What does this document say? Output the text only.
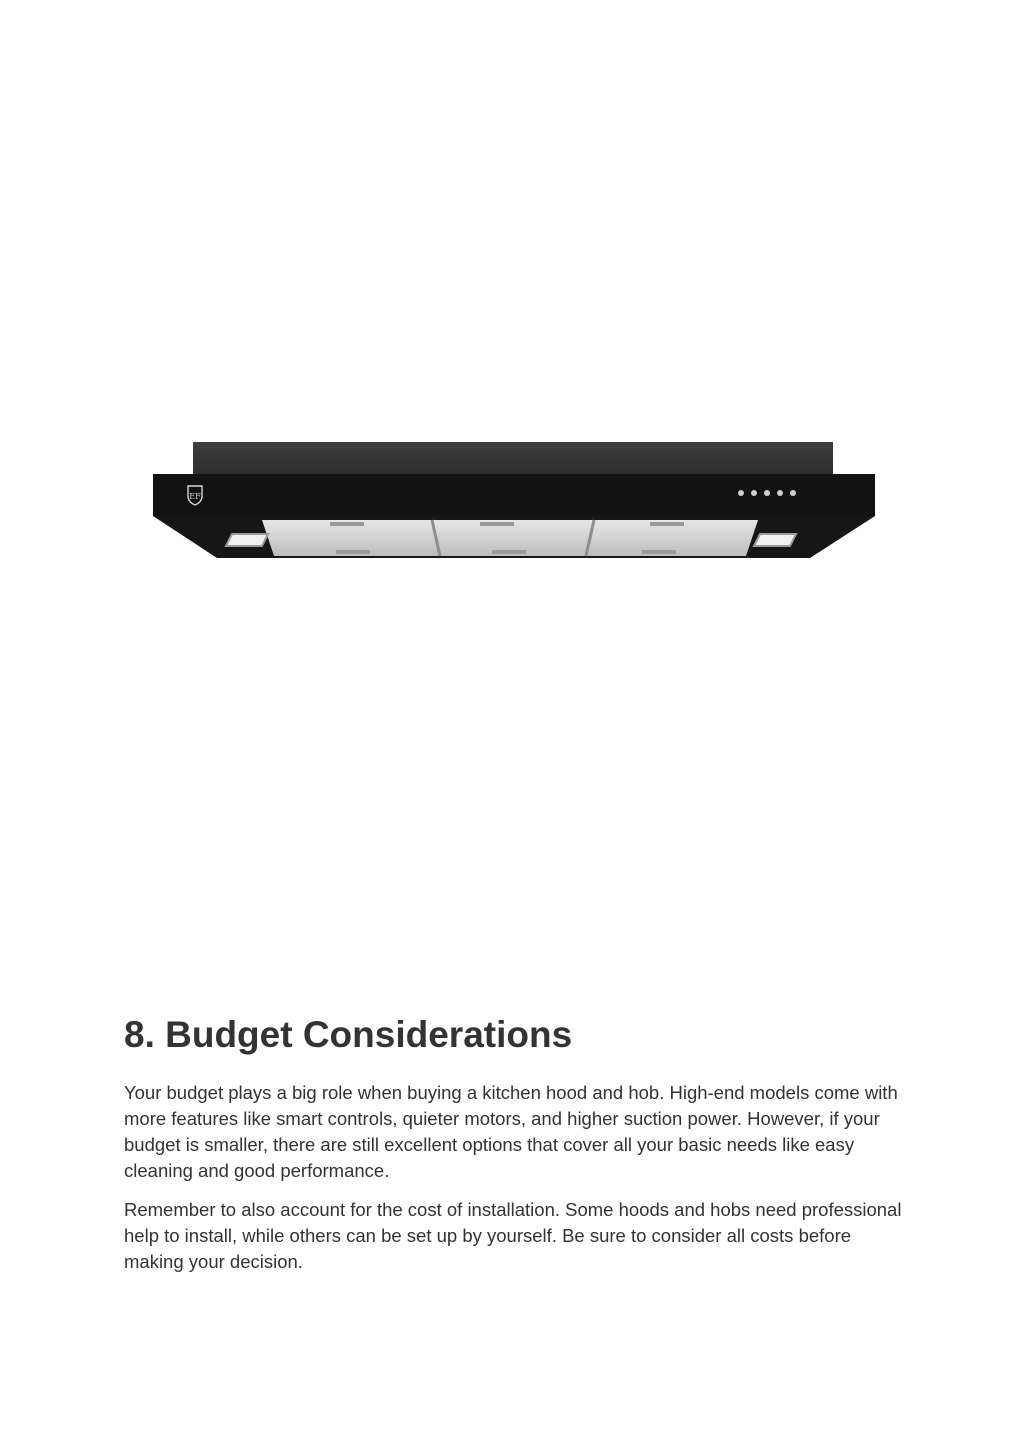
EF
8. Budget Considerations

Your budget plays a big role when buying a kitchen hood and hob. High-end models come with more features like smart controls, quieter motors, and higher suction power. However, if your budget is smaller, there are still excellent options that cover all your basic needs like easy cleaning and good performance.

Remember to also account for the cost of installation. Some hoods and hobs need professional help to install, while others can be set up by yourself. Be sure to consider all costs before making your decision.
